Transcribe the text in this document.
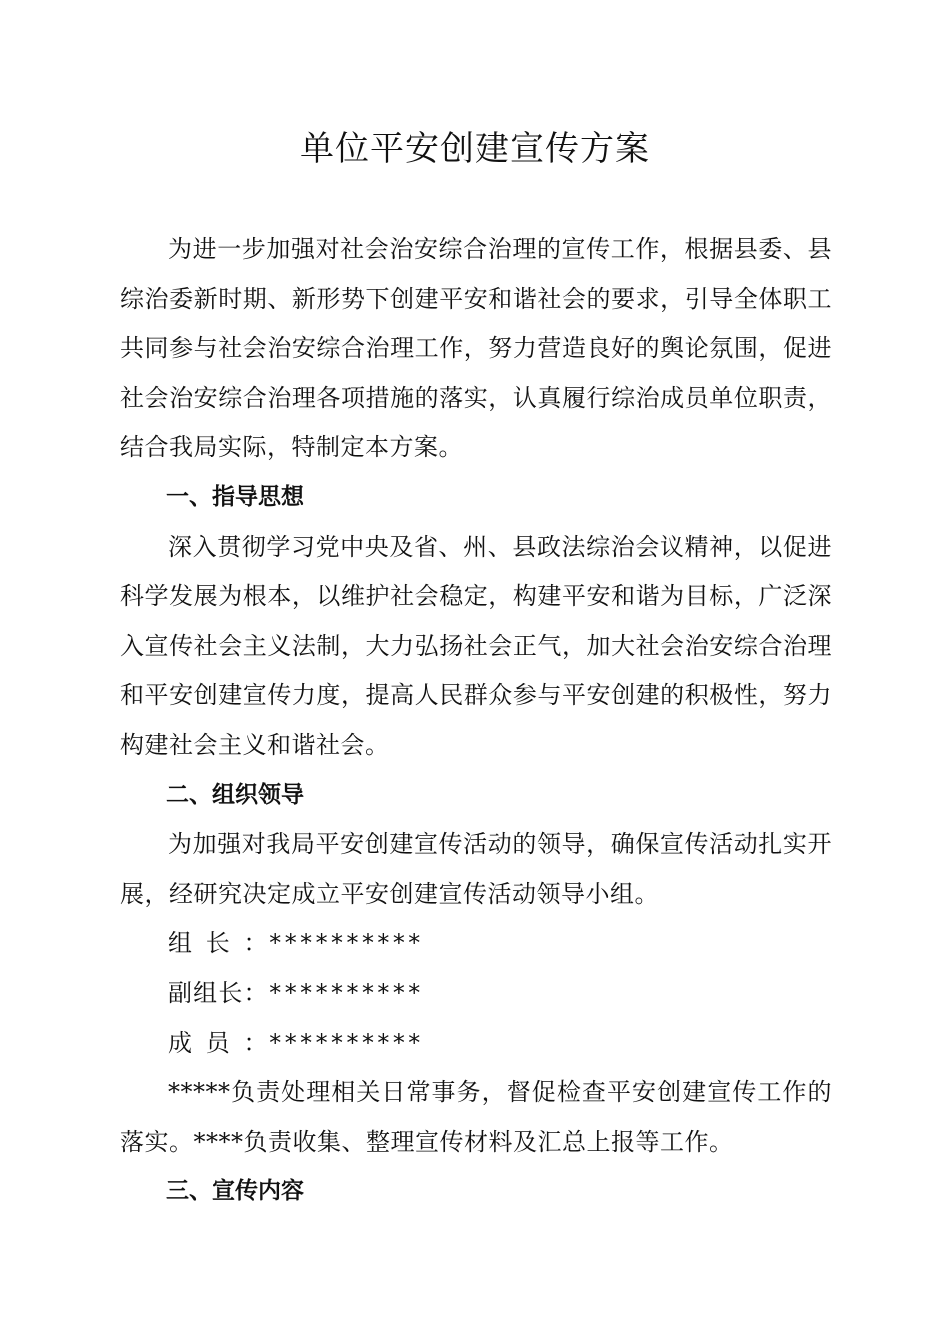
单位平安创建宣传方案

为进一步加强对社会治安综合治理的宣传工作，根据县委、县综治委新时期、新形势下创建平安和谐社会的要求，引导全体职工共同参与社会治安综合治理工作，努力营造良好的舆论氛围，促进社会治安综合治理各项措施的落实，认真履行综治成员单位职责，结合我局实际，特制定本方案。

一、指导思想

深入贯彻学习党中央及省、州、县政法综治会议精神，以促进科学发展为根本，以维护社会稳定，构建平安和谐为目标，广泛深入宣传社会主义法制，大力弘扬社会正气，加大社会治安综合治理和平安创建宣传力度，提高人民群众参与平安创建的积极性，努力构建社会主义和谐社会。

二、组织领导

为加强对我局平安创建宣传活动的领导，确保宣传活动扎实开展，经研究决定成立平安创建宣传活动领导小组。

组长：**********

副组长：**********

成员：**********

*****负责处理相关日常事务，督促检查平安创建宣传工作的落实。****负责收集、整理宣传材料及汇总上报等工作。

三、宣传内容
